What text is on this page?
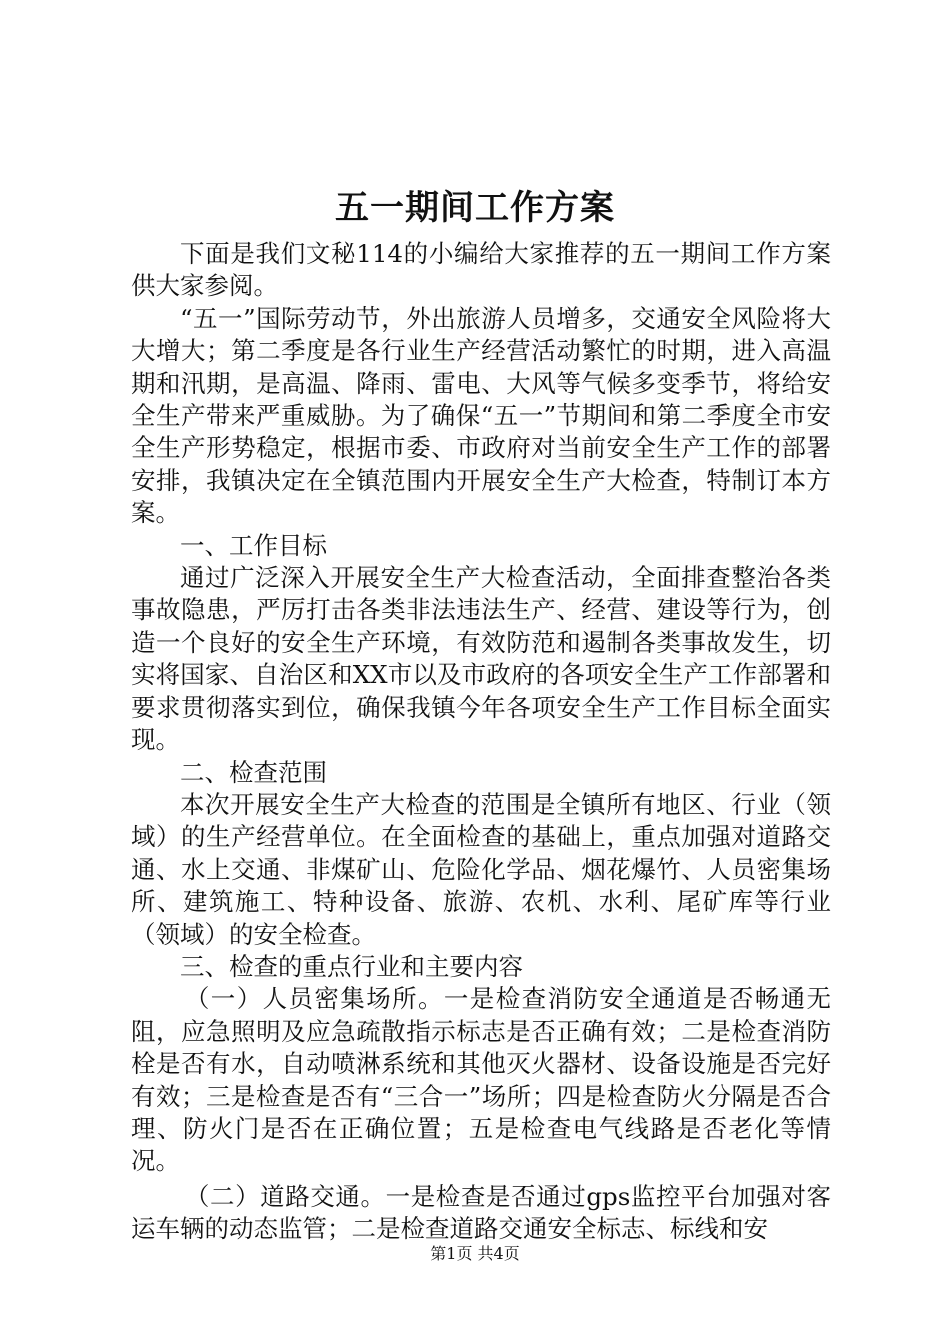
五一期间工作方案

下面是我们文秘114的小编给大家推荐的五一期间工作方案供大家参阅。

“五一”国际劳动节，外出旅游人员增多，交通安全风险将大大增大；第二季度是各行业生产经营活动繁忙的时期，进入高温期和汛期，是高温、降雨、雷电、大风等气候多变季节，将给安全生产带来严重威胁。为了确保“五一”节期间和第二季度全市安全生产形势稳定，根据市委、市政府对当前安全生产工作的部署安排，我镇决定在全镇范围内开展安全生产大检查，特制订本方案。

一、工作目标

通过广泛深入开展安全生产大检查活动，全面排查整治各类事故隐患，严厉打击各类非法违法生产、经营、建设等行为，创造一个良好的安全生产环境，有效防范和遏制各类事故发生，切实将国家、自治区和XX市以及市政府的各项安全生产工作部署和要求贯彻落实到位，确保我镇今年各项安全生产工作目标全面实现。

二、检查范围

本次开展安全生产大检查的范围是全镇所有地区、行业（领域）的生产经营单位。在全面检查的基础上，重点加强对道路交通、水上交通、非煤矿山、危险化学品、烟花爆竹、人员密集场所、建筑施工、特种设备、旅游、农机、水利、尾矿库等行业（领域）的安全检查。

三、检查的重点行业和主要内容

（一）人员密集场所。一是检查消防安全通道是否畅通无阻，应急照明及应急疏散指示标志是否正确有效；二是检查消防栓是否有水，自动喷淋系统和其他灭火器材、设备设施是否完好有效；三是检查是否有“三合一”场所；四是检查防火分隔是否合理、防火门是否在正确位置；五是检查电气线路是否老化等情况。

（二）道路交通。一是检查是否通过gps监控平台加强对客运车辆的动态监管；二是检查道路交通安全标志、标线和安

第1页 共4页
